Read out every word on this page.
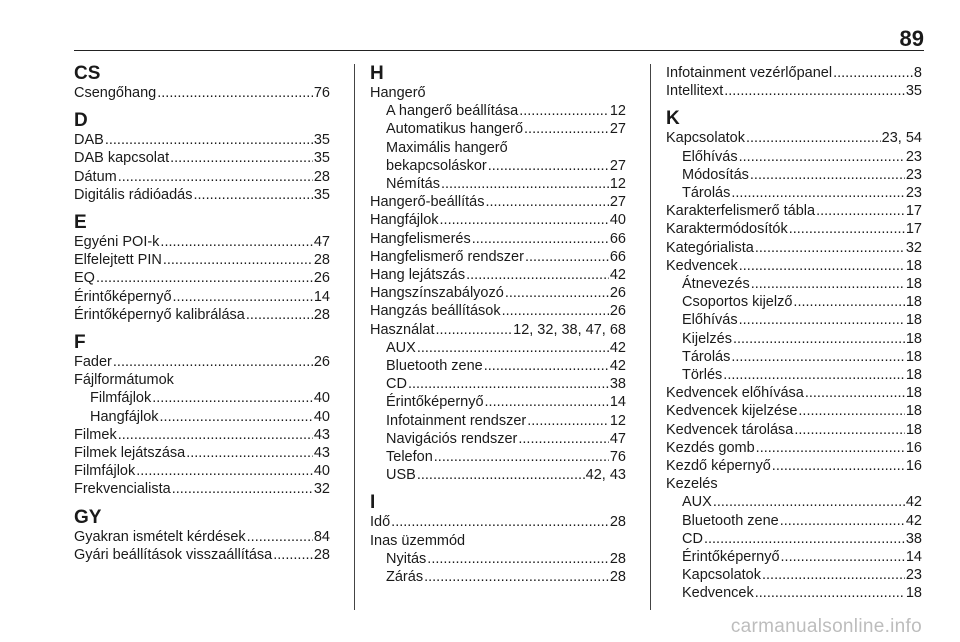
89
CS
Csengőhang .....	76
D
DAB .....	35
DAB kapcsolat .....	35
Dátum .....	28
Digitális rádióadás .....	35
E
Egyéni POI-k .....	47
Elfelejtett PIN .....	28
EQ .....	26
Érintőképernyő .....	14
Érintőképernyő kalibrálása .....	28
F
Fader .....	26
Fájlformátumok
Filmfájlok .....	40
Hangfájlok .....	40
Filmek .....	43
Filmek lejátszása .....	43
Filmfájlok .....	40
Frekvencialista .....	32
GY
Gyakran ismételt kérdések .....	84
Gyári beállítások visszaállítása .....	28
H
Hangerő
A hangerő beállítása .....	12
Automatikus hangerő .....	27
Maximális hangerő
bekapcsoláskor .....	27
Némítás .....	12
Hangerő-beállítás .....	27
Hangfájlok .....	40
Hangfelismerés .....	66
Hangfelismerő rendszer .....	66
Hang lejátszás .....	42
Hangszínszabályozó .....	26
Hangzás beállítások .....	26
Használat .....	12, 32, 38, 47, 68
AUX .....	42
Bluetooth zene .....	42
CD .....	38
Érintőképernyő .....	14
Infotainment rendszer .....	12
Navigációs rendszer .....	47
Telefon .....	76
USB .....	42, 43
I
Idő .....	28
Inas üzemmód
Nyitás .....	28
Zárás .....	28
Infotainment vezérlőpanel .....	8
Intellitext .....	35
K
Kapcsolatok .....	23, 54
Előhívás .....	23
Módosítás .....	23
Tárolás .....	23
Karakterfelismerő tábla .....	17
Karaktermódosítók .....	17
Kategórialista .....	32
Kedvencek .....	18
Átnevezés .....	18
Csoportos kijelző .....	18
Előhívás .....	18
Kijelzés .....	18
Tárolás .....	18
Törlés .....	18
Kedvencek előhívása .....	18
Kedvencek kijelzése .....	18
Kedvencek tárolása .....	18
Kezdés gomb .....	16
Kezdő képernyő .....	16
Kezelés
AUX .....	42
Bluetooth zene .....	42
CD .....	38
Érintőképernyő .....	14
Kapcsolatok .....	23
Kedvencek .....	18
carmanualsonline.info
